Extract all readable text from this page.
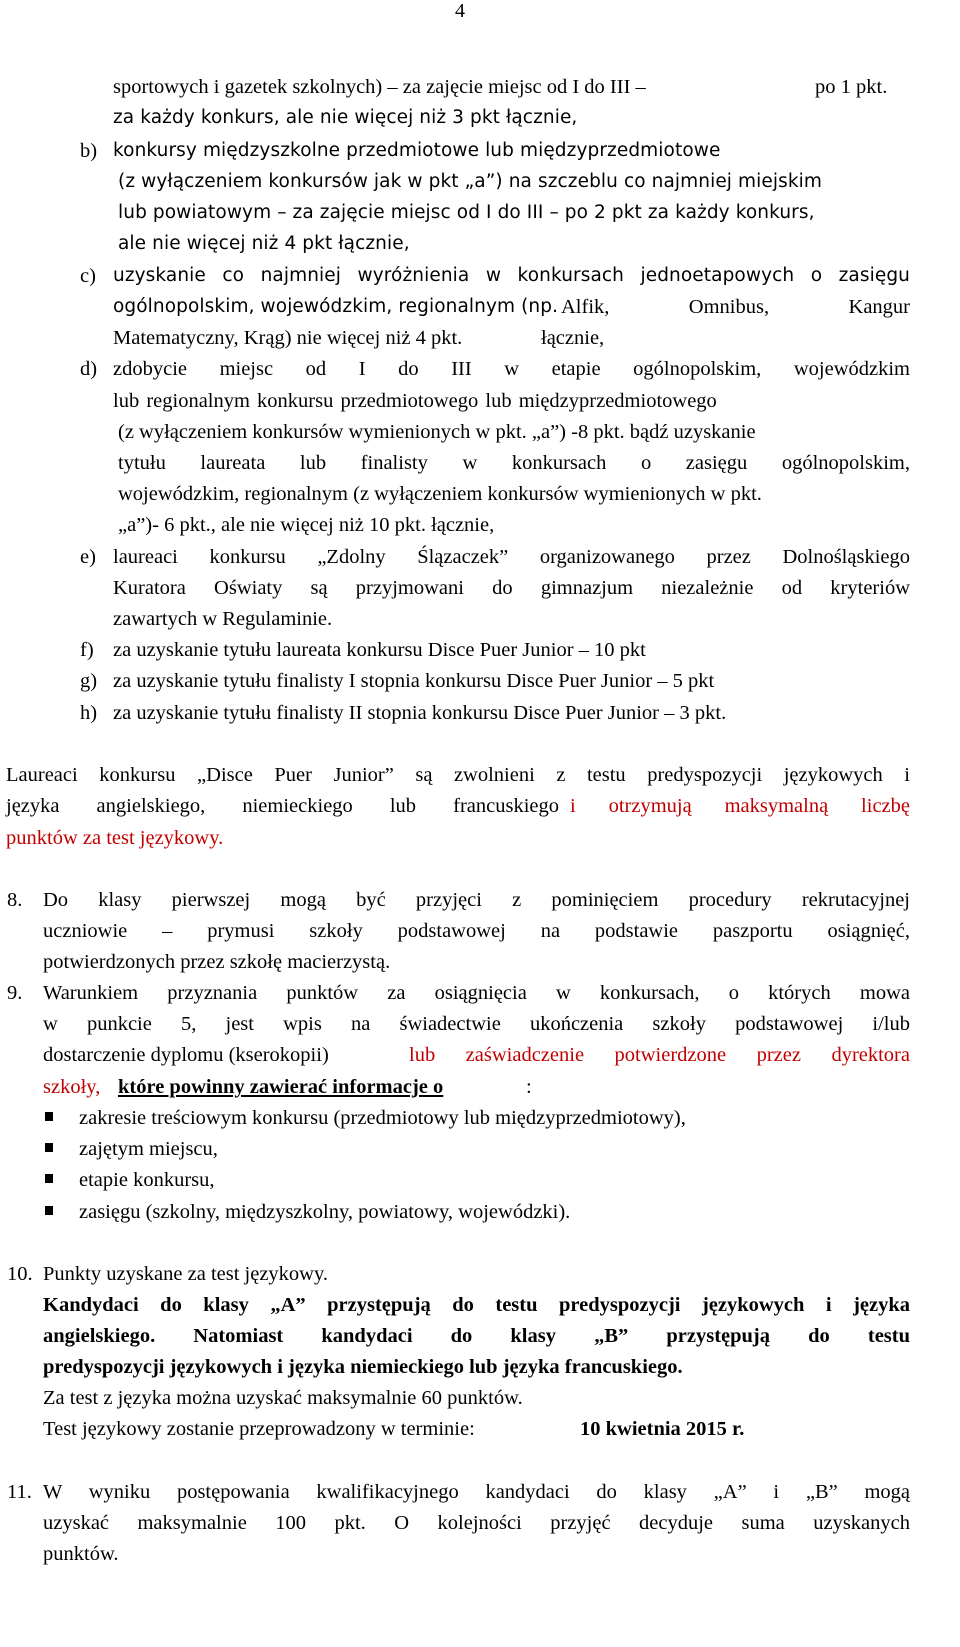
4
sportowych i gazetek szkolnych) – za zajęcie miejsc od I do III –	po 1 pkt.
za każdy konkurs, ale nie więcej niż 3 pkt łącznie,
b) konkursy międzyszkolne przedmiotowe lub międzyprzedmiotowe
(z wyłączeniem konkursów jak w pkt „a”) na szczeblu co najmniej miejskim
lub powiatowym – za zajęcie miejsc od I do III – po 2 pkt za każdy konkurs,
ale nie więcej niż 4 pkt łącznie,
c) uzyskanie co najmniej wyróżnienia w konkursach jednoetapowych o zasięgu
ogólnopolskim, wojewódzkim, regionalnym (np. Alfik, Omnibus, Kangur
Matematyczny, Krąg) nie więcej niż 4 pkt.	łącznie,
d) zdobycie miejsc od I do III w etapie ogólnopolskim, wojewódzkim
lub regionalnym konkursu przedmiotowego lub międzyprzedmiotowego
(z wyłączeniem konkursów wymienionych w pkt. „a”) -8 pkt. bądź uzyskanie
tytułu laureata lub finalisty w konkursach o zasięgu ogólnopolskim,
wojewódzkim, regionalnym (z wyłączeniem konkursów wymienionych w pkt.
„a”)- 6 pkt., ale nie więcej niż 10 pkt. łącznie,
e) laureaci konkursu „Zdolny Ślązaczek” organizowanego przez Dolnośląskiego
Kuratora Oświaty są przyjmowani do gimnazjum niezależnie od kryteriów
zawartych w Regulaminie.
f) za uzyskanie tytułu laureata konkursu Disce Puer Junior – 10 pkt
g) za uzyskanie tytułu finalisty I stopnia konkursu Disce Puer Junior – 5 pkt
h) za uzyskanie tytułu finalisty II stopnia konkursu Disce Puer Junior – 3 pkt.
Laureaci konkursu „Disce Puer Junior” są zwolnieni z testu predyspozycji językowych i
języka angielskiego, niemieckiego lub francuskiego i otrzymują maksymalną liczbę
punktów za test językowy.
8. Do klasy pierwszej mogą być przyjęci z pominięciem procedury rekrutacyjnej
uczniowie – prymusi szkoły podstawowej na podstawie paszportu osiągnięć,
potwierdzonych przez szkołę macierzystą.
9. Warunkiem przyznania punktów za osiągnięcia w konkursach, o których mowa
w punkcie 5, jest wpis na świadectwie ukończenia szkoły podstawowej i/lub
dostarczenie dyplomu (kserokopii)	lub zaświadczenie potwierdzone przez dyrektora
szkoły, które powinny zawierać informacje o	:
zakresie treściowym konkursu (przedmiotowy lub międzyprzedmiotowy),
zajętym miejscu,
etapie konkursu,
zasięgu (szkolny, międzyszkolny, powiatowy, wojewódzki).
10. Punkty uzyskane za test językowy.
Kandydaci do klasy „A” przystępują do testu predyspozycji językowych i języka
angielskiego. Natomiast kandydaci do klasy „B” przystępują do testu
predyspozycji językowych i języka niemieckiego lub języka francuskiego.
Za test z języka można uzyskać maksymalnie 60 punktów.
Test językowy zostanie przeprowadzony w terminie:	10 kwietnia 2015 r.
11. W wyniku postępowania kwalifikacyjnego kandydaci do klasy „A” i „B” mogą
uzyskać maksymalnie 100 pkt. O kolejności przyjęć decyduje suma uzyskanych
punktów.
